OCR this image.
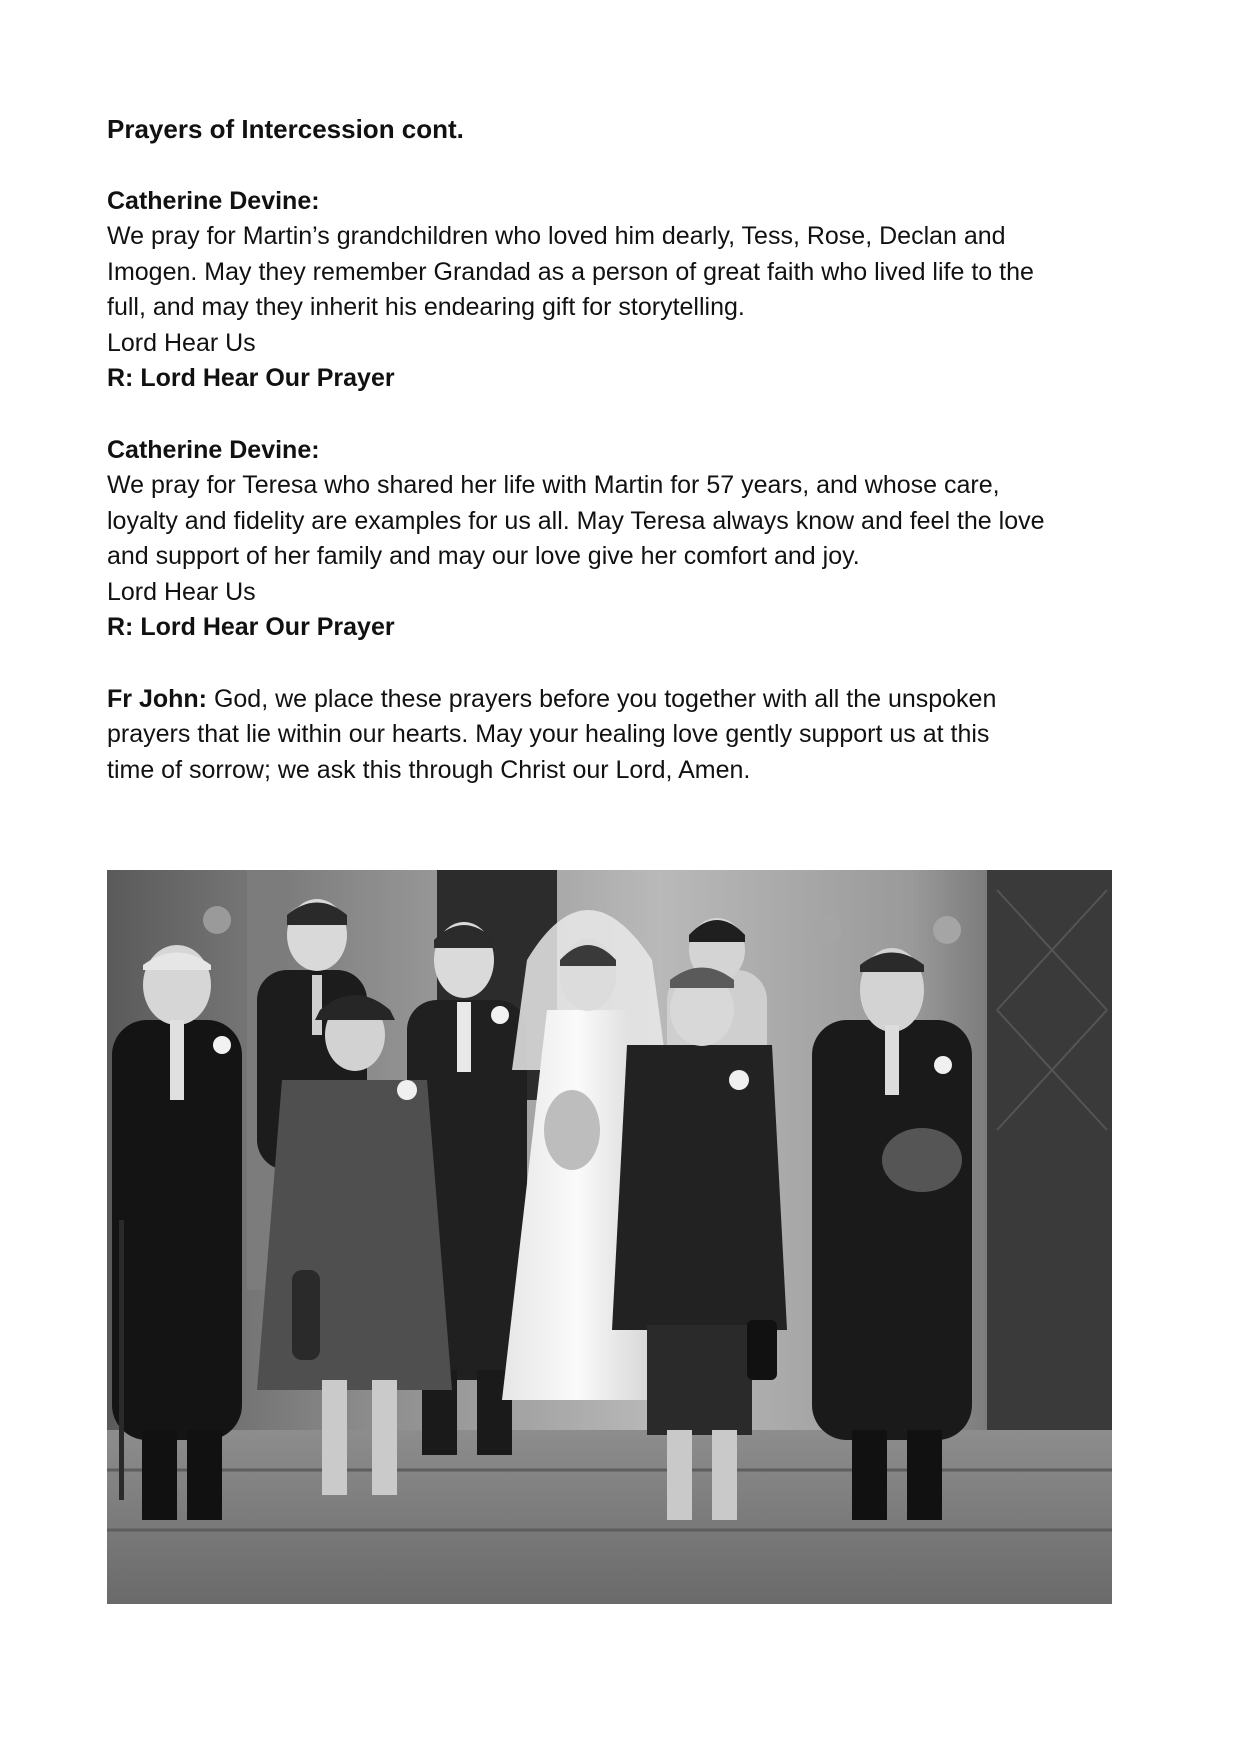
Prayers of Intercession cont.
Catherine Devine:
We pray for Martin’s grandchildren who loved him dearly, Tess, Rose, Declan and
Imogen. May they remember Grandad as a person of great faith who lived life to the
full, and may they inherit his endearing gift for storytelling.
Lord Hear Us
R: Lord Hear Our Prayer
Catherine Devine:
We pray for Teresa who shared her life with Martin for 57 years, and whose care,
loyalty and fidelity are examples for us all. May Teresa always know and feel the love
and support of her family and may our love give her comfort and joy.
Lord Hear Us
R: Lord Hear Our Prayer
Fr John: God, we place these prayers before you together with all the unspoken
prayers that lie within our hearts. May your healing love gently support us at this
time of sorrow; we ask this through Christ our Lord, Amen.
